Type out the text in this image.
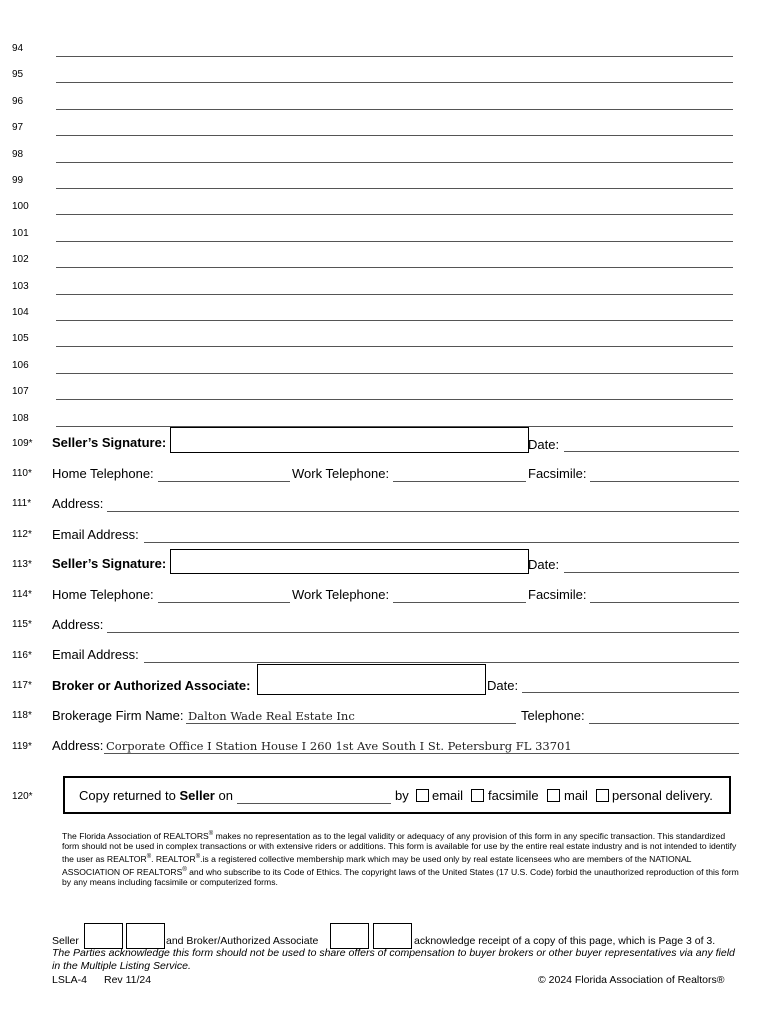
94
95
96
97
98
99
100
101
102
103
104
105
106
107
108
109* Seller’s Signature:	Date:
110* Home Telephone:	Work Telephone:	Facsimile:
111* Address:
112* Email Address:
113* Seller’s Signature:	Date:
114* Home Telephone:	Work Telephone:	Facsimile:
115* Address:
116* Email Address:
117* Broker or Authorized Associate:	Date:
118* Brokerage Firm Name: Dalton Wade Real Estate Inc	Telephone:
119* Address: Corporate Office I Station House I 260 1st Ave South I St. Petersburg FL 33701
120*	Copy returned to Seller on	by email facsimile mail personal delivery.
The Florida Association of REALTORS® makes no representation as to the legal validity or adequacy of any provision of this form in any specific transaction. This standardized form should not be used in complex transactions or with extensive riders or additions. This form is available for use by the entire real estate industry and is not intended to identify the user as REALTOR®. REALTOR®.is a registered collective membership mark which may be used only by real estate licensees who are members of the NATIONAL ASSOCIATION OF REALTORS® and who subscribe to its Code of Ethics. The copyright laws of the United States (17 U.S. Code) forbid the unauthorized reproduction of this form by any means including facsimile or computerized forms.
Seller	and Broker/Authorized Associate	acknowledge receipt of a copy of this page, which is Page 3 of 3.
The Parties acknowledge this form should not be used to share offers of compensation to buyer brokers or other buyer representatives via any field in the Multiple Listing Service.
LSLA-4 Rev 11/24	© 2024 Florida Association of Realtors®
